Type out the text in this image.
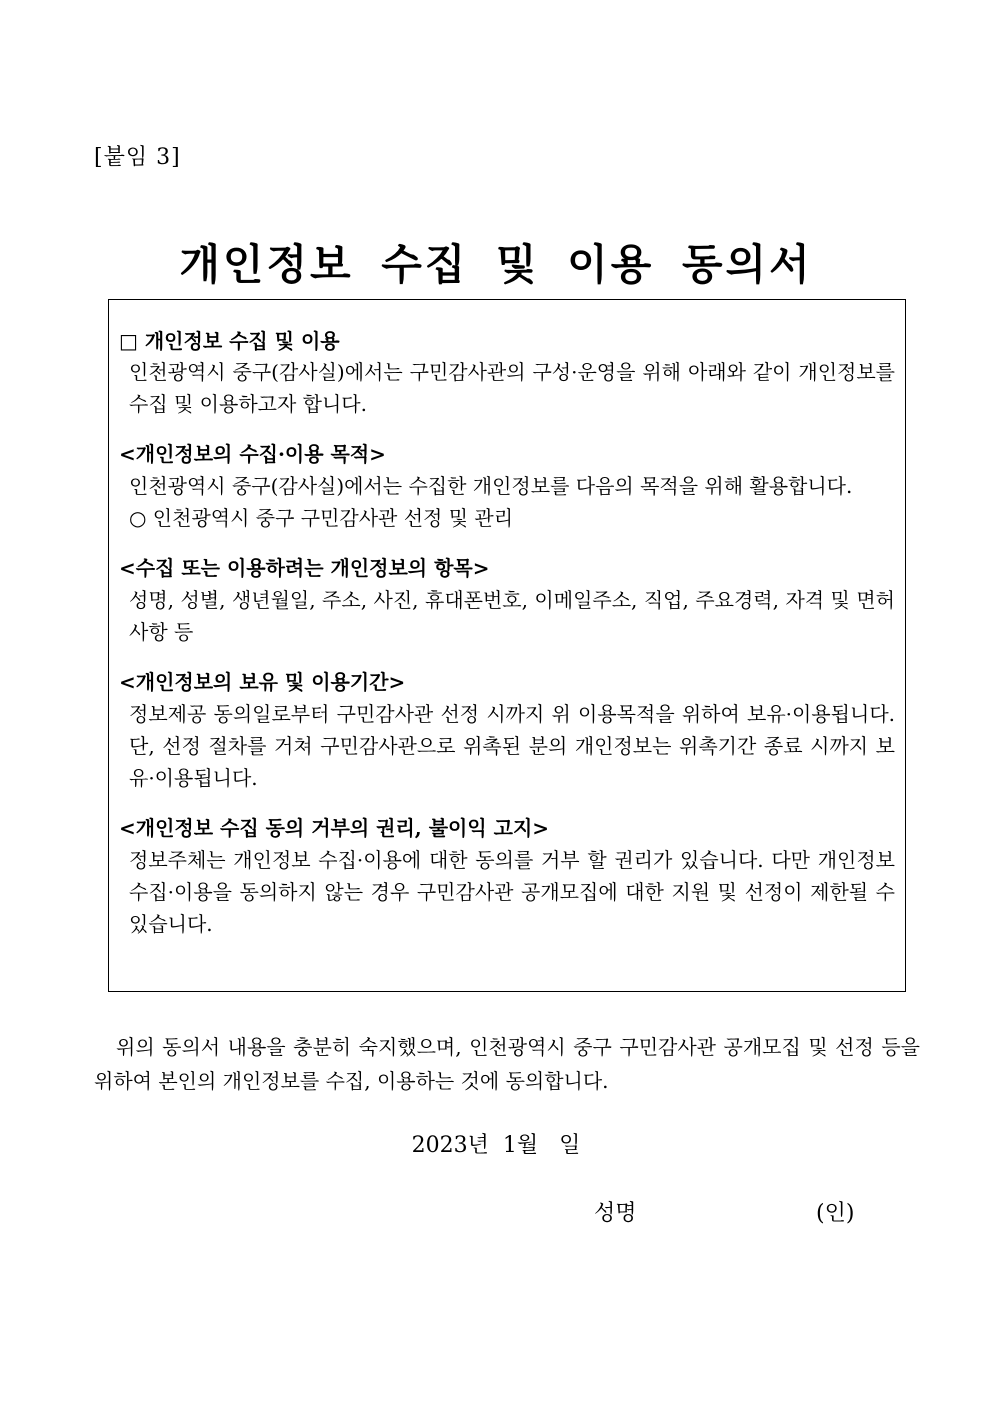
[붙임 3]
개인정보 수집 및 이용 동의서
□ 개인정보 수집 및 이용
인천광역시 중구(감사실)에서는 구민감사관의 구성·운영을 위해 아래와 같이 개인정보를 수집 및 이용하고자 합니다.
<개인정보의 수집·이용 목적>
인천광역시 중구(감사실)에서는 수집한 개인정보를 다음의 목적을 위해 활용합니다.
○ 인천광역시 중구 구민감사관 선정 및 관리
<수집 또는 이용하려는 개인정보의 항목>
성명, 성별, 생년월일, 주소, 사진, 휴대폰번호, 이메일주소, 직업, 주요경력, 자격 및 면허사항 등
<개인정보의 보유 및 이용기간>
정보제공 동의일로부터 구민감사관 선정 시까지 위 이용목적을 위하여 보유·이용됩니다. 단, 선정 절차를 거쳐 구민감사관으로 위촉된 분의 개인정보는 위촉기간 종료 시까지 보유·이용됩니다.
<개인정보 수집 동의 거부의 권리, 불이익 고지>
정보주체는 개인정보 수집·이용에 대한 동의를 거부 할 권리가 있습니다. 다만 개인정보 수집·이용을 동의하지 않는 경우 구민감사관 공개모집에 대한 지원 및 선정이 제한될 수 있습니다.
위의 동의서 내용을 충분히 숙지했으며, 인천광역시 중구 구민감사관 공개모집 및 선정 등을 위하여 본인의 개인정보를 수집, 이용하는 것에 동의합니다.
2023년  1월   일
성명	(인)
